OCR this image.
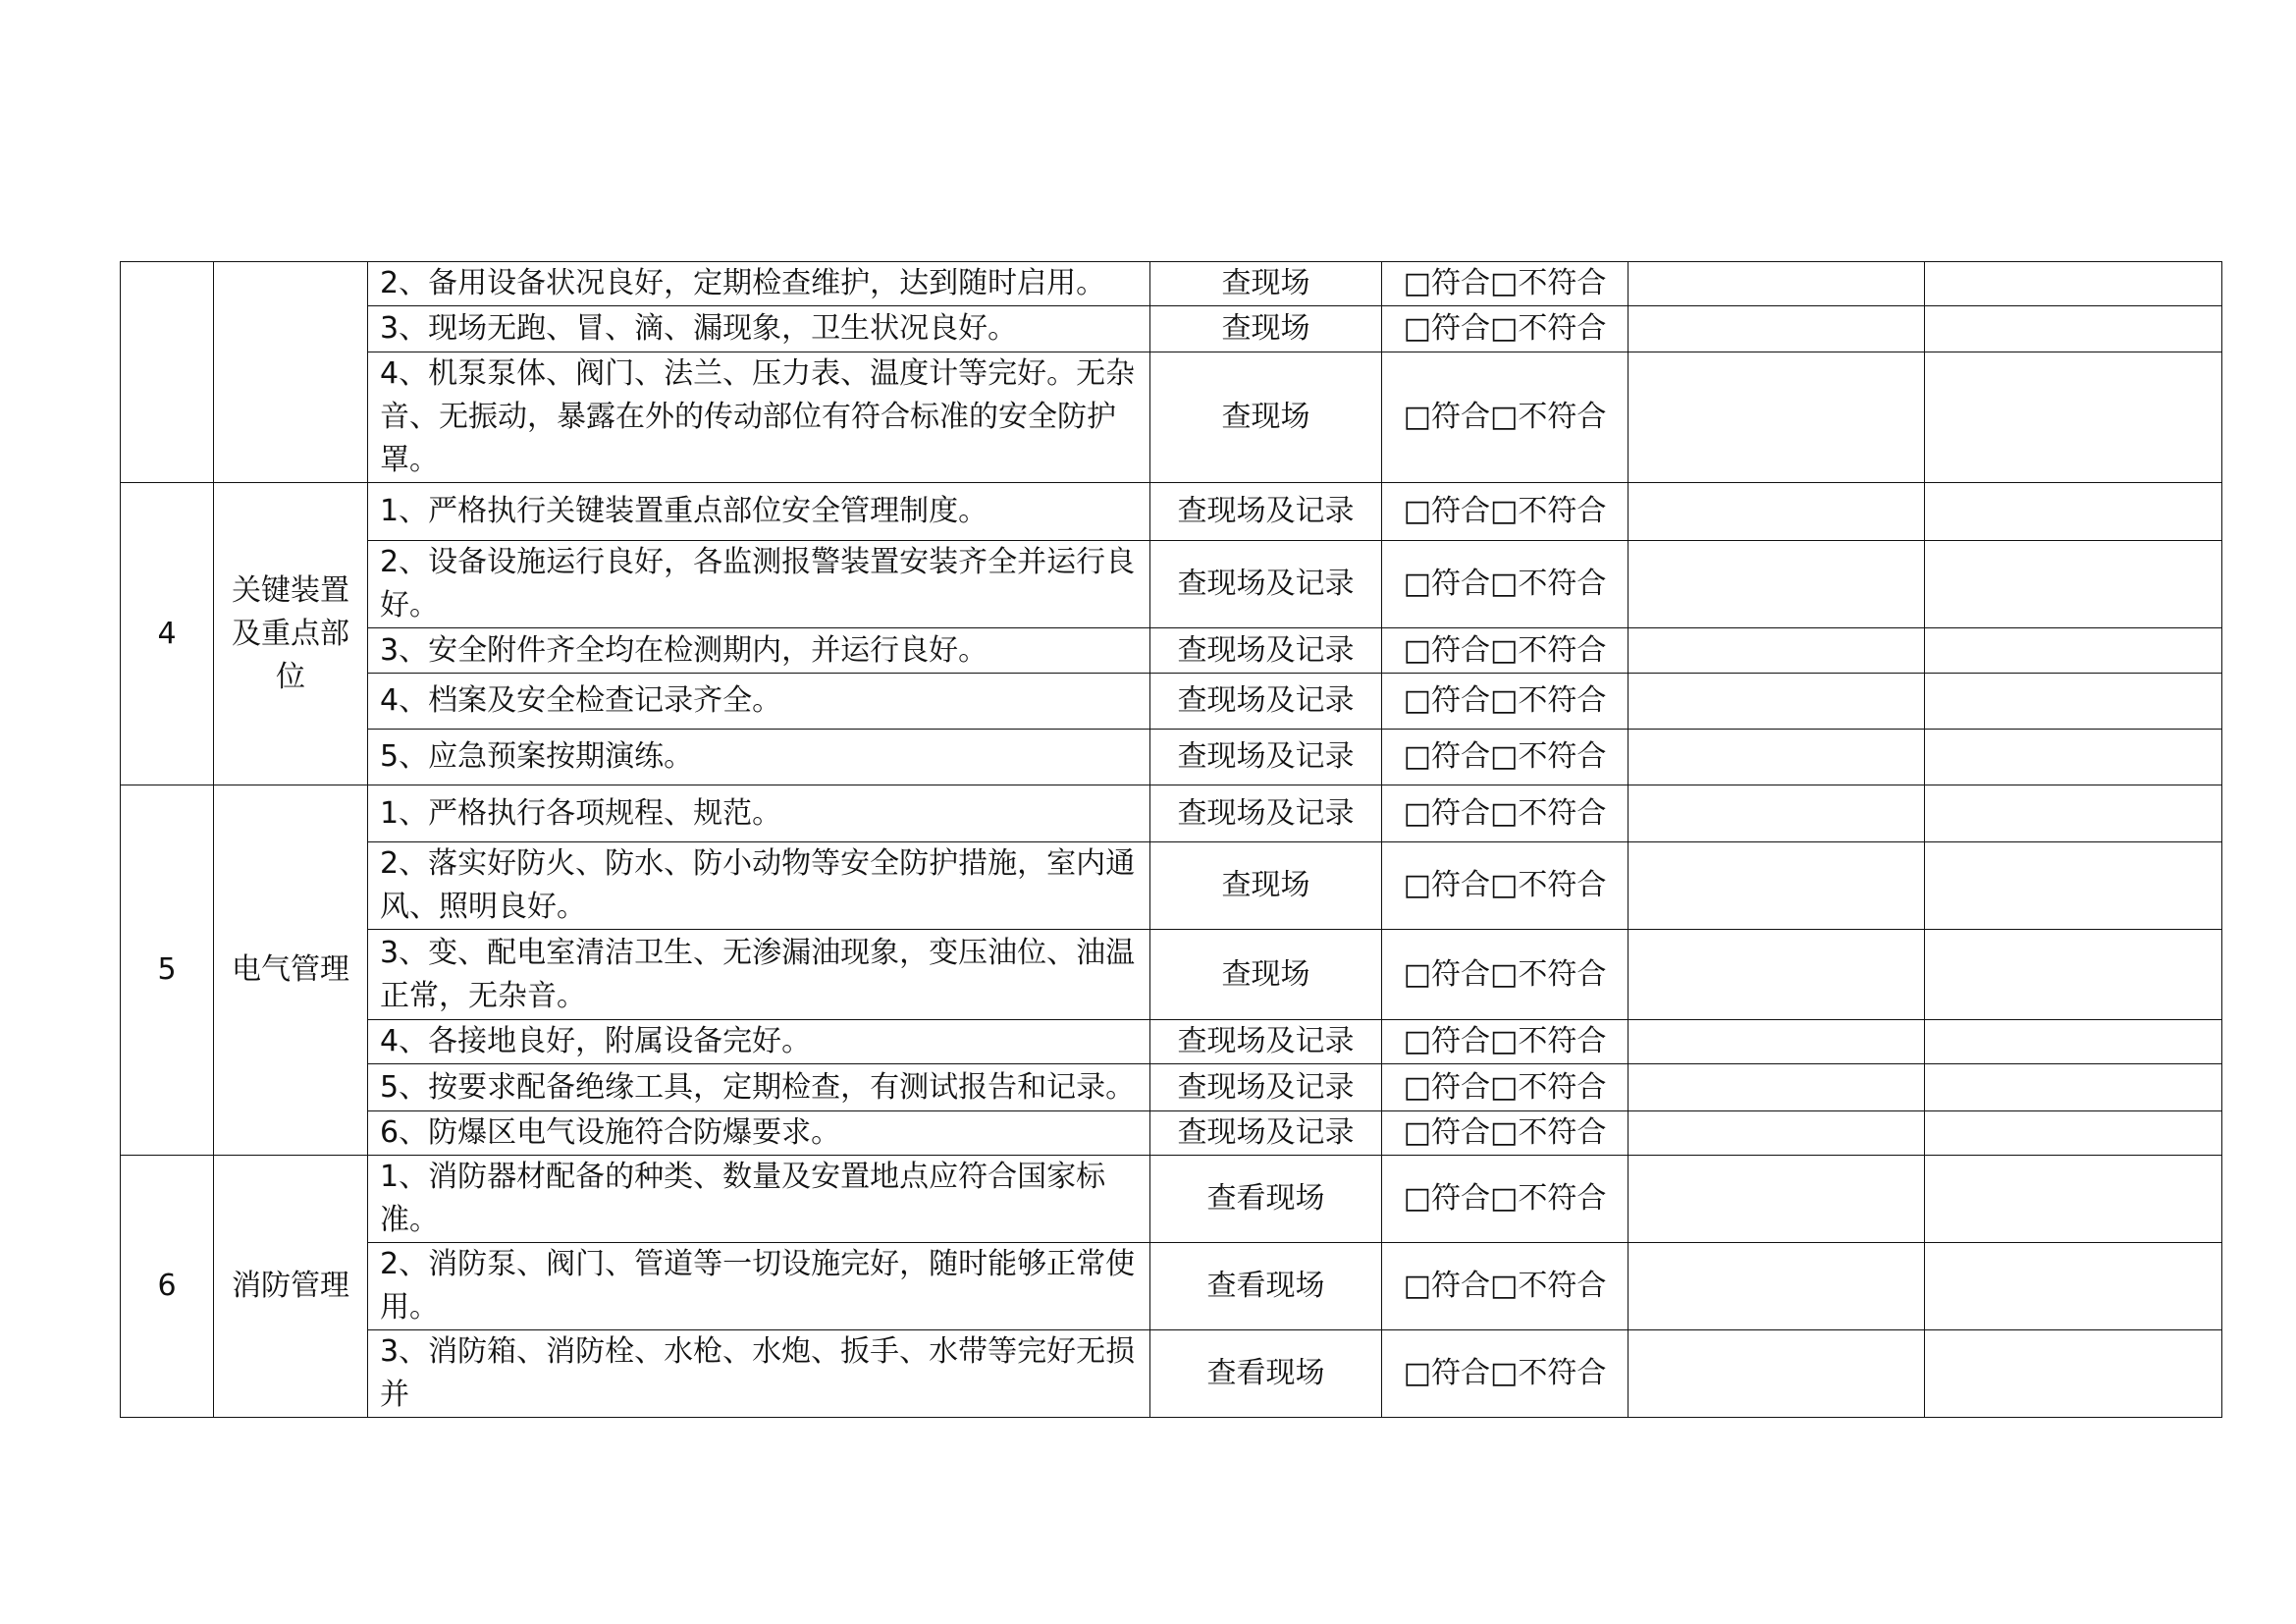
		2、备用设备状况良好，定期检查维护，达到随时启用。	查现场	□符合□不符合		
		3、现场无跑、冒、滴、漏现象，卫生状况良好。	查现场	□符合□不符合		
		4、机泵泵体、阀门、法兰、压力表、温度计等完好。无杂音、无振动，暴露在外的传动部位有符合标准的安全防护罩。	查现场	□符合□不符合		
4	关键装置及重点部位	1、严格执行关键装置重点部位安全管理制度。	查现场及记录	□符合□不符合		
		2、设备设施运行良好，各监测报警装置安装齐全并运行良好。	查现场及记录	□符合□不符合		
		3、安全附件齐全均在检测期内，并运行良好。	查现场及记录	□符合□不符合		
		4、档案及安全检查记录齐全。	查现场及记录	□符合□不符合		
		5、应急预案按期演练。	查现场及记录	□符合□不符合		
5	电气管理	1、严格执行各项规程、规范。	查现场及记录	□符合□不符合		
		2、落实好防火、防水、防小动物等安全防护措施，室内通风、照明良好。	查现场	□符合□不符合		
		3、变、配电室清洁卫生、无渗漏油现象，变压油位、油温正常，无杂音。	查现场	□符合□不符合		
		4、各接地良好，附属设备完好。	查现场及记录	□符合□不符合		
		5、按要求配备绝缘工具，定期检查，有测试报告和记录。	查现场及记录	□符合□不符合		
		6、防爆区电气设施符合防爆要求。	查现场及记录	□符合□不符合		
6	消防管理	1、消防器材配备的种类、数量及安置地点应符合国家标准。	查看现场	□符合□不符合		
		2、消防泵、阀门、管道等一切设施完好，随时能够正常使用。	查看现场	□符合□不符合		
		3、消防箱、消防栓、水枪、水炮、扳手、水带等完好无损并	查看现场	□符合□不符合		
